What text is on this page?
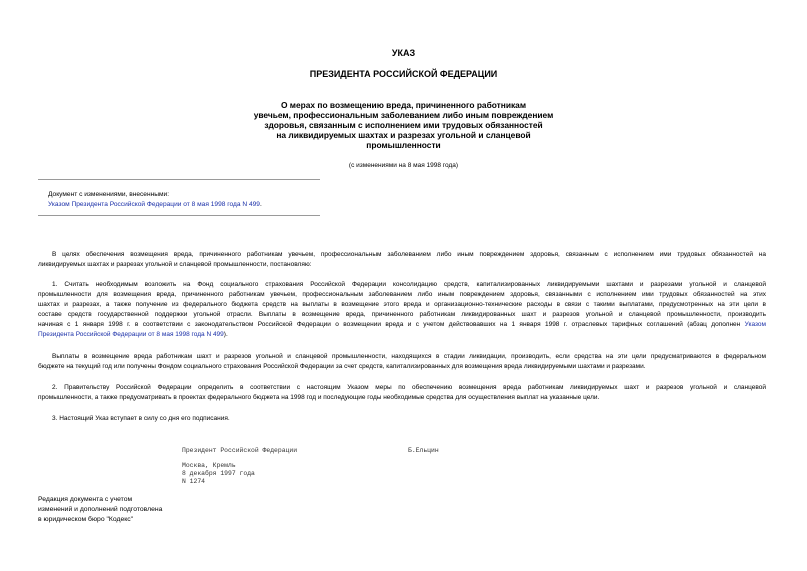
УКАЗ
ПРЕЗИДЕНТА РОССИЙСКОЙ ФЕДЕРАЦИИ
О мерах по возмещению вреда, причиненного работникам
увечьем, профессиональным заболеванием либо иным повреждением
здоровья, связанным с исполнением ими трудовых обязанностей
на ликвидируемых шахтах и разрезах угольной и сланцевой
промышленности
(с изменениями на 8 мая 1998 года)
Документ с изменениями, внесенными:
Указом Президента Российской Федерации от 8 мая 1998 года N 499.
В целях обеспечения возмещения вреда, причиненного работникам увечьем, профессиональным заболеванием либо иным повреждением здоровья, связанным с исполнением ими трудовых обязанностей на
ликвидируемых шахтах и разрезах угольной и сланцевой промышленности, постановляю:
1. Считать необходимым возложить на Фонд социального страхования Российской Федерации консолидацию средств, капитализированных ликвидируемыми шахтами и разрезами угольной и сланцевой
промышленности для возмещения вреда, причиненного работникам увечьем, профессиональным заболеванием либо иным повреждением здоровья, связанными с исполнением ими трудовых обязанностей на этих
шахтах и разрезах, а также получение из федерального бюджета средств на выплаты в возмещение этого вреда и организационно-технические расходы в связи с такими выплатами, предусмотренных на эти цели в
составе средств государственной поддержки угольной отрасли. Выплаты в возмещение вреда, причиненного работникам ликвидированных шахт и разрезов угольной и сланцевой промышленности, производить
начиная с 1 января 1998 г. в соответствии с законодательством Российской Федерации о возмещении вреда и с учетом действовавших на 1 января 1998 г. отраслевых тарифных соглашений (абзац дополнен Указом
Президента Российской Федерации от 8 мая 1998 года N 499).
Выплаты в возмещение вреда работникам шахт и разрезов угольной и сланцевой промышленности, находящихся в стадии ликвидации, производить, если средства на эти цели предусматриваются в федеральном
бюджете на текущий год или получены Фондом социального страхования Российской Федерации за счет средств, капитализированных для возмещения вреда ликвидируемыми шахтами и разрезами.
2. Правительству Российской Федерации определить в соответствии с настоящим Указом меры по обеспечению возмещения вреда работникам ликвидируемых шахт и разрезов угольной и сланцевой
промышленности, а также предусматривать в проектах федерального бюджета на 1998 год и последующие годы необходимые средства для осуществления выплат на указанные цели.
3. Настоящий Указ вступает в силу со дня его подписания.
Президент Российской Федерации	Б.Ельцин
Москва, Кремль
8 декабря 1997 года
N 1274
Редакция документа с учетом
изменений и дополнений подготовлена
в юридическом бюро "Кодекс"
